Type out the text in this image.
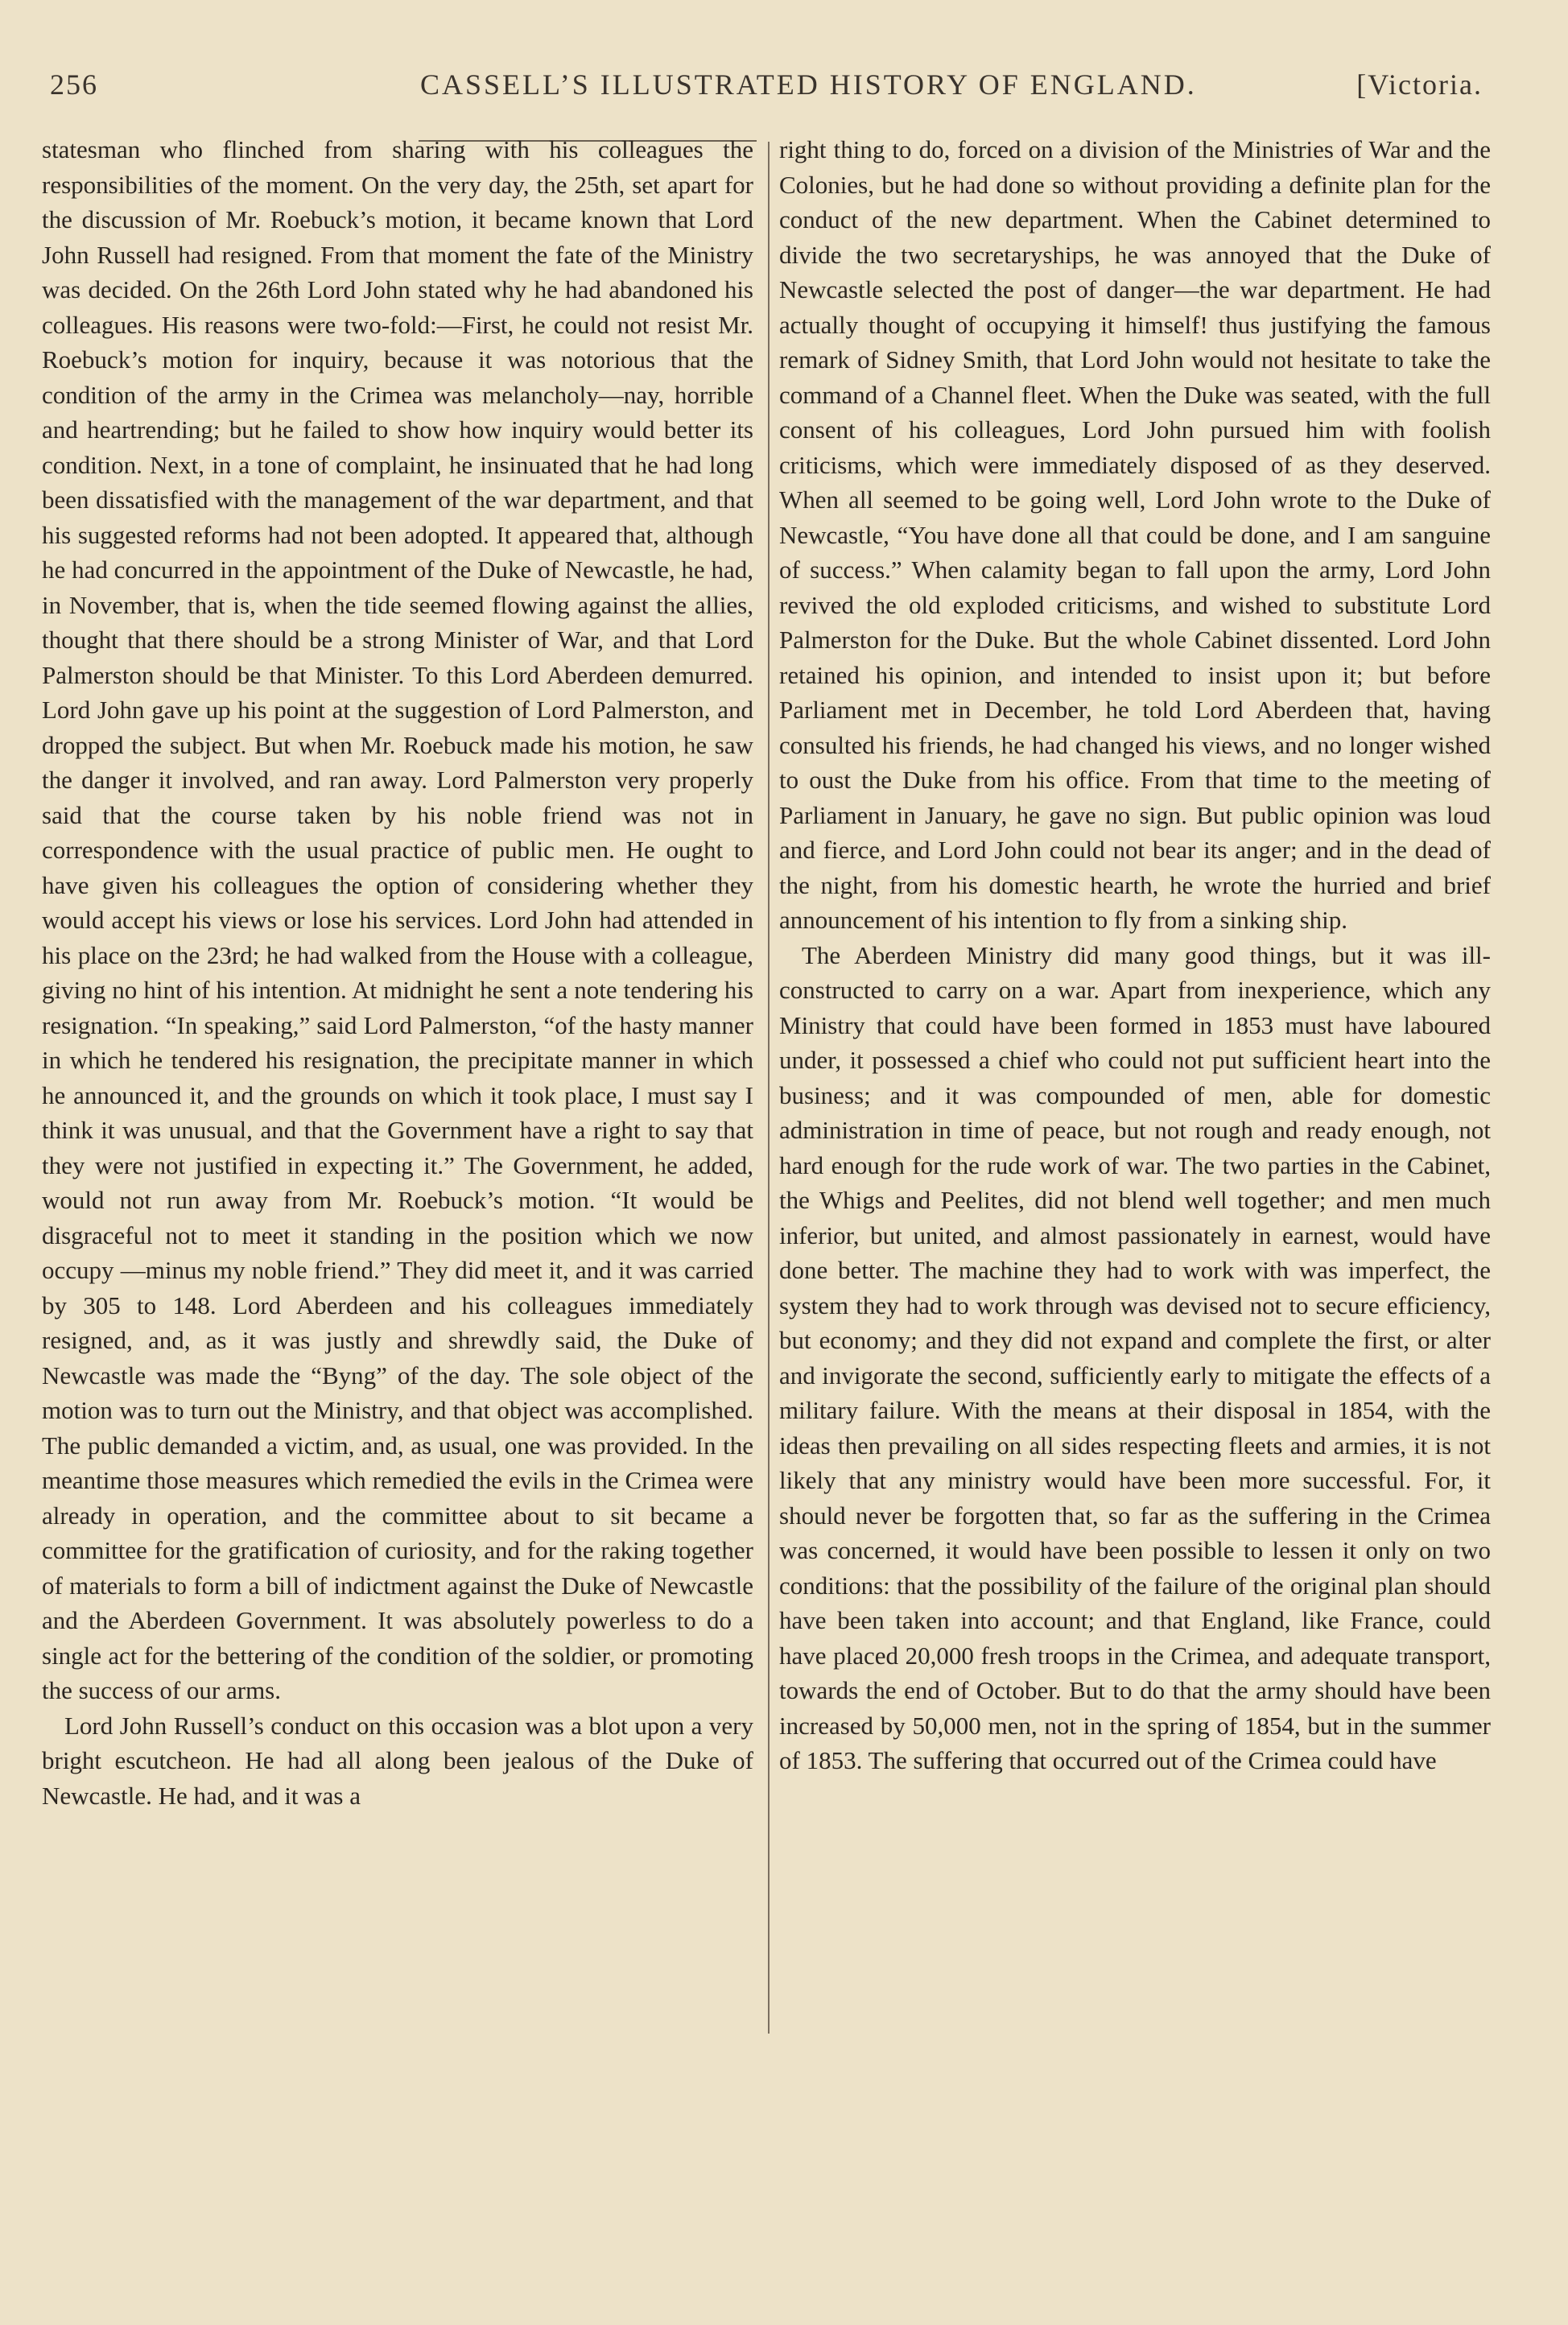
256	CASSELL’S ILLUSTRATED HISTORY OF ENGLAND.	[Victoria.

statesman who flinched from sharing with his colleagues the responsibilities of the moment. On the very day, the 25th, set apart for the discussion of Mr. Roebuck’s motion, it became known that Lord John Russell had resigned. From that moment the fate of the Ministry was decided. On the 26th Lord John stated why he had abandoned his colleagues. His reasons were two-fold:—First, he could not resist Mr. Roebuck’s motion for inquiry, because it was notorious that the condition of the army in the Crimea was melancholy—nay, horrible and heartrending; but he failed to show how inquiry would better its condition. Next, in a tone of complaint, he insinuated that he had long been dissatisfied with the management of the war department, and that his suggested reforms had not been adopted. It appeared that, although he had concurred in the appointment of the Duke of Newcastle, he had, in November, that is, when the tide seemed flowing against the allies, thought that there should be a strong Minister of War, and that Lord Palmerston should be that Minister. To this Lord Aberdeen demurred. Lord John gave up his point at the suggestion of Lord Palmerston, and dropped the subject. But when Mr. Roebuck made his motion, he saw the danger it involved, and ran away. Lord Palmerston very properly said that the course taken by his noble friend was not in correspondence with the usual practice of public men. He ought to have given his colleagues the option of considering whether they would accept his views or lose his services. Lord John had attended in his place on the 23rd; he had walked from the House with a colleague, giving no hint of his intention. At midnight he sent a note tendering his resignation. “In speaking,” said Lord Palmerston, “of the hasty manner in which he tendered his resignation, the precipitate manner in which he announced it, and the grounds on which it took place, I must say I think it was unusual, and that the Government have a right to say that they were not justified in expecting it.” The Government, he added, would not run away from Mr. Roebuck’s motion. “It would be disgraceful not to meet it standing in the position which we now occupy —minus my noble friend.” They did meet it, and it was carried by 305 to 148. Lord Aberdeen and his colleagues immediately resigned, and, as it was justly and shrewdly said, the Duke of Newcastle was made the “Byng” of the day. The sole object of the motion was to turn out the Ministry, and that object was accomplished. The public demanded a victim, and, as usual, one was provided. In the meantime those measures which remedied the evils in the Crimea were already in operation, and the committee about to sit became a committee for the gratification of curiosity, and for the raking together of materials to form a bill of indictment against the Duke of Newcastle and the Aberdeen Government. It was absolutely powerless to do a single act for the bettering of the condition of the soldier, or promoting the success of our arms.

Lord John Russell’s conduct on this occasion was a blot upon a very bright escutcheon. He had all along been jealous of the Duke of Newcastle. He had, and it was a

right thing to do, forced on a division of the Ministries of War and the Colonies, but he had done so without providing a definite plan for the conduct of the new department. When the Cabinet determined to divide the two secretaryships, he was annoyed that the Duke of Newcastle selected the post of danger—the war department. He had actually thought of occupying it himself! thus justifying the famous remark of Sidney Smith, that Lord John would not hesitate to take the command of a Channel fleet. When the Duke was seated, with the full consent of his colleagues, Lord John pursued him with foolish criticisms, which were immediately disposed of as they deserved. When all seemed to be going well, Lord John wrote to the Duke of Newcastle, “You have done all that could be done, and I am sanguine of success.” When calamity began to fall upon the army, Lord John revived the old exploded criticisms, and wished to substitute Lord Palmerston for the Duke. But the whole Cabinet dissented. Lord John retained his opinion, and intended to insist upon it; but before Parliament met in December, he told Lord Aberdeen that, having consulted his friends, he had changed his views, and no longer wished to oust the Duke from his office. From that time to the meeting of Parliament in January, he gave no sign. But public opinion was loud and fierce, and Lord John could not bear its anger; and in the dead of the night, from his domestic hearth, he wrote the hurried and brief announcement of his intention to fly from a sinking ship.

The Aberdeen Ministry did many good things, but it was ill-constructed to carry on a war. Apart from inexperience, which any Ministry that could have been formed in 1853 must have laboured under, it possessed a chief who could not put sufficient heart into the business; and it was compounded of men, able for domestic administration in time of peace, but not rough and ready enough, not hard enough for the rude work of war. The two parties in the Cabinet, the Whigs and Peelites, did not blend well together; and men much inferior, but united, and almost passionately in earnest, would have done better. The machine they had to work with was imperfect, the system they had to work through was devised not to secure efficiency, but economy; and they did not expand and complete the first, or alter and invigorate the second, sufficiently early to mitigate the effects of a military failure. With the means at their disposal in 1854, with the ideas then prevailing on all sides respecting fleets and armies, it is not likely that any ministry would have been more successful. For, it should never be forgotten that, so far as the suffering in the Crimea was concerned, it would have been possible to lessen it only on two conditions: that the possibility of the failure of the original plan should have been taken into account; and that England, like France, could have placed 20,000 fresh troops in the Crimea, and adequate transport, towards the end of October. But to do that the army should have been increased by 50,000 men, not in the spring of 1854, but in the summer of 1853. The suffering that occurred out of the Crimea could have
